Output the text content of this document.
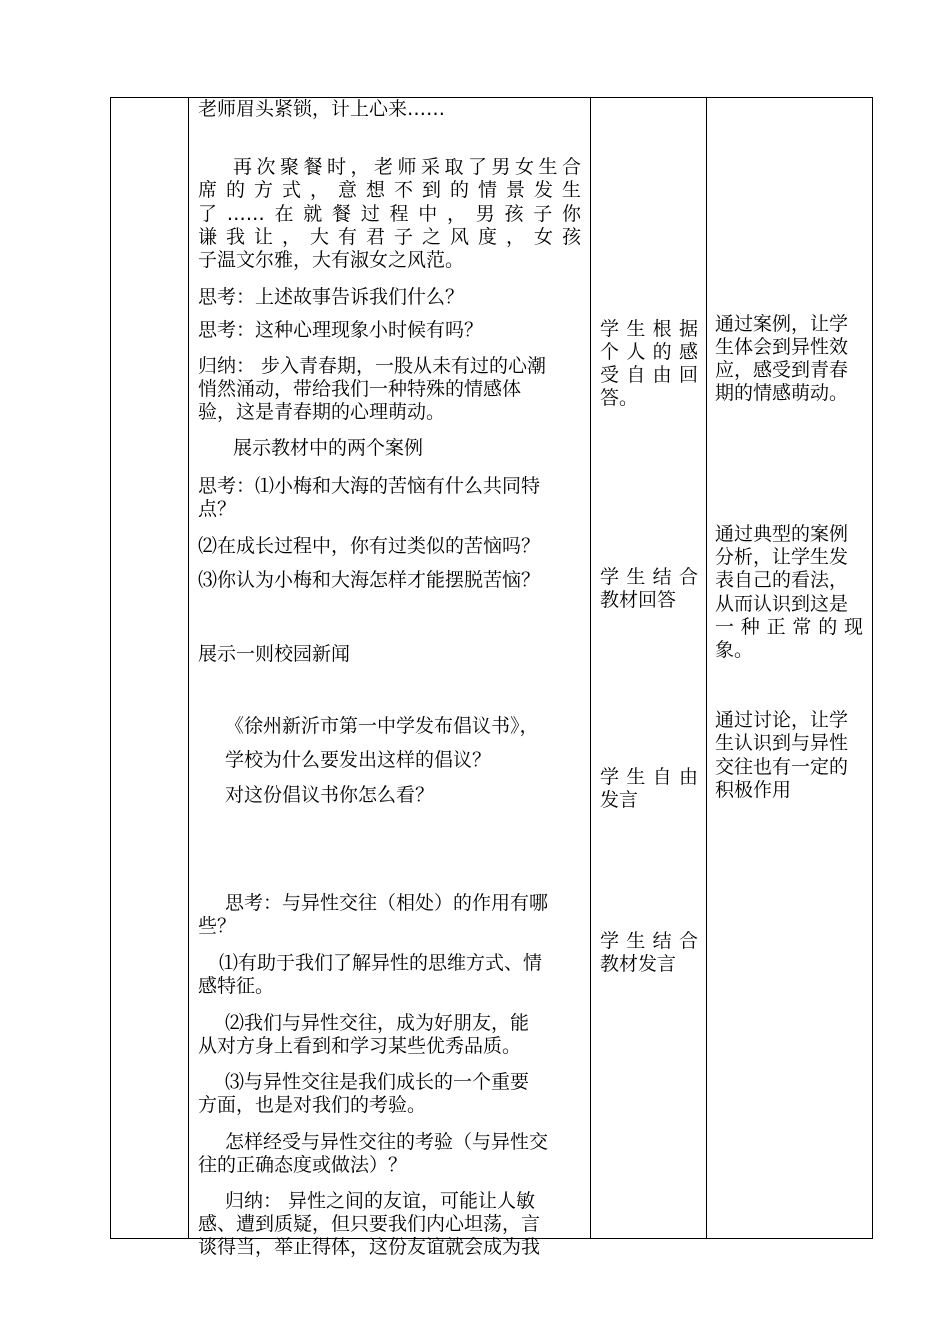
老师眉头紧锁，计上心来……
再次聚餐时，老师采取了男女生合
席的方式，意想不到的情景发生
了……在就餐过程中，男孩子你
谦我让，大有君子之风度，女孩
子温文尔雅，大有淑女之风范。
思考：上述故事告诉我们什么？
思考：这种心理现象小时候有吗？
归纳： 步入青春期，一股从未有过的心潮
悄然涌动，带给我们一种特殊的情感体
验，这是青春期的心理萌动。
展示教材中的两个案例
思考：⑴小梅和大海的苦恼有什么共同特
点？
⑵在成长过程中，你有过类似的苦恼吗？
⑶你认为小梅和大海怎样才能摆脱苦恼？
展示一则校园新闻
《徐州新沂市第一中学发布倡议书》，
学校为什么要发出这样的倡议？
对这份倡议书你怎么看？
思考：与异性交往（相处）的作用有哪
些？
⑴有助于我们了解异性的思维方式、情
感特征。
⑵我们与异性交往，成为好朋友，能
从对方身上看到和学习某些优秀品质。
⑶与异性交往是我们成长的一个重要
方面，也是对我们的考验。
怎样经受与异性交往的考验（与异性交
往的正确态度或做法）？
归纳： 异性之间的友谊，可能让人敏
感、遭到质疑，但只要我们内心坦荡，言
谈得当，举止得体，这份友谊就会成为我
学生根据
个人的感
受自由回
答。
学生结合
教材回答
学生自由
发言
学生结合
教材发言
通过案例，让学
生体会到异性效
应，感受到青春
期的情感萌动。
通过典型的案例
分析，让学生发
表自己的看法，
从而认识到这是
一种正常的现
象。
通过讨论，让学
生认识到与异性
交往也有一定的
积极作用
